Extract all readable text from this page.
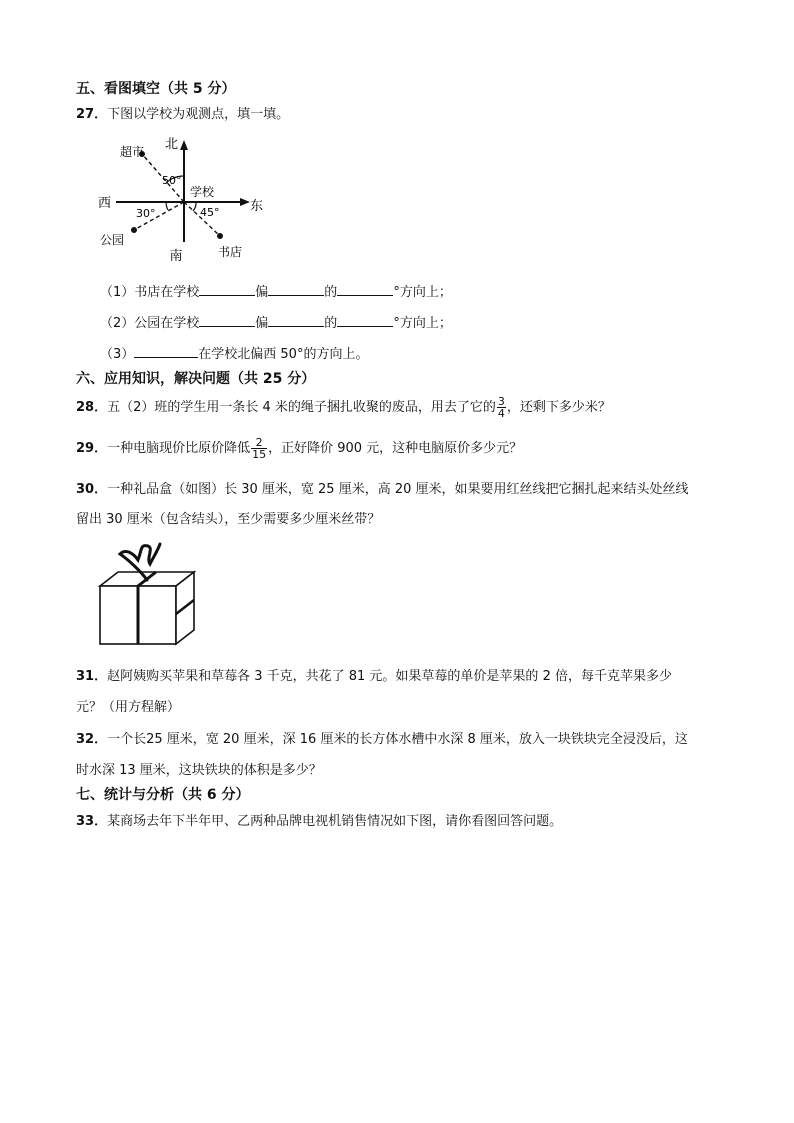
五、看图填空（共 5 分）
27．下图以学校为观测点，填一填。
北
南
西	东
学校
超市
公园
书店
50°
30°	45°
（1）书店在学校	偏	的	°方向上；
（2）公园在学校	偏	的	°方向上；
（3）	在学校北偏西 50°的方向上。
六、应用知识，解决问题（共 25 分）
28．五（2）班的学生用一条长 4 米的绳子捆扎收聚的废品，用去了它的 $\frac{3}{4}$ ，还剩下多少米？
29．一种电脑现价比原价降低 $\frac{2}{15}$ ，正好降价 900 元，这种电脑原价多少元？
30．一种礼品盒（如图）长 30 厘米，宽 25 厘米，高 20 厘米，如果要用红丝线把它捆扎起来结头处丝线
留出 30 厘米（包含结头），至少需要多少厘米丝带？
31．赵阿姨购买苹果和草莓各 3 千克，共花了 81 元。如果草莓的单价是苹果的 2 倍，每千克苹果多少
元？（用方程解）
32．一个长25 厘米，宽 20 厘米，深 16 厘米的长方体水槽中水深 8 厘米，放入一块铁块完全浸没后，这
时水深 13 厘米，这块铁块的体积是多少？
七、统计与分析（共 6 分）
33．某商场去年下半年甲、乙两种品牌电视机销售情况如下图，请你看图回答问题。
